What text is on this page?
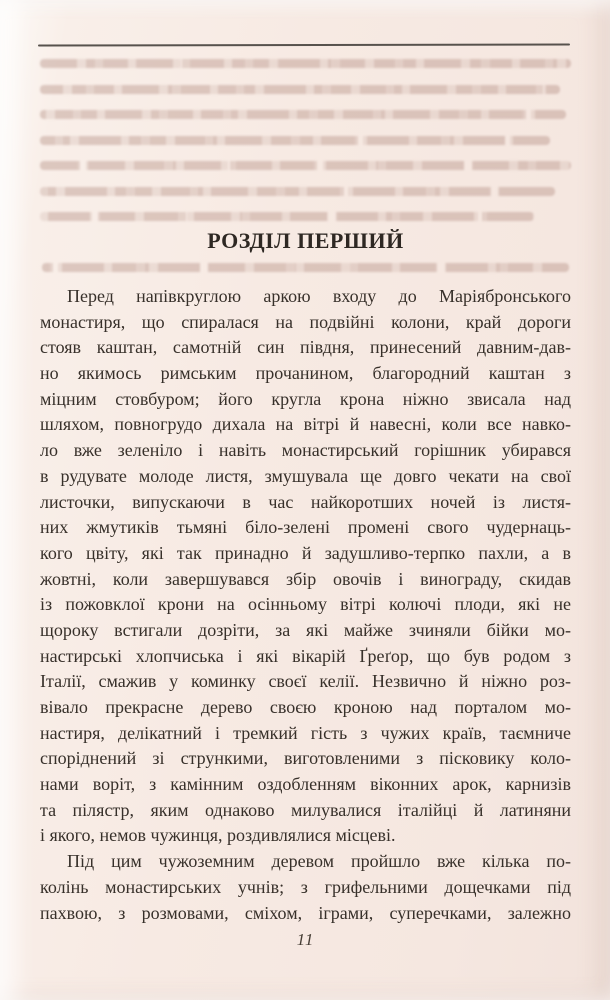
РОЗДІЛ ПЕРШИЙ
Перед напівкруглою аркою входу до Маріябронського
монастиря, що спиралася на подвійні колони, край дороги
стояв каштан, самотній син півдня, принесений давним-дав-
но якимось римським прочанином, благородний каштан з
міцним стовбуром; його кругла крона ніжно звисала над
шляхом, повногрудо дихала на вітрі й навесні, коли все навко-
ло вже зеленіло і навіть монастирський горішник убирався
в рудувате молоде листя, змушувала ще довго чекати на свої
листочки, випускаючи в час найкоротших ночей із листя-
них жмутиків тьмяні біло-зелені промені свого чудернаць-
кого цвіту, які так принадно й задушливо-терпко пахли, а в
жовтні, коли завершувався збір овочів і винограду, скидав
із пожовклої крони на осінньому вітрі колючі плоди, які не
щороку встигали дозріти, за які майже зчиняли бійки мо-
настирські хлопчиська і які вікарій Ґреґор, що був родом з
Італії, смажив у коминку своєї келії. Незвично й ніжно роз-
вівало прекрасне дерево своєю кроною над порталом мо-
настиря, делікатний і тремкий гість з чужих країв, таємниче
споріднений зі стрункими, виготовленими з пісковику коло-
нами воріт, з камінним оздобленням віконних арок, карнизів
та пілястр, яким однаково милувалися італійці й латиняни
і якого, немов чужинця, роздивлялися місцеві.
Під цим чужоземним деревом пройшло вже кілька по-
колінь монастирських учнів; з грифельними дощечками під
пахвою, з розмовами, сміхом, іграми, суперечками, залежно
11
